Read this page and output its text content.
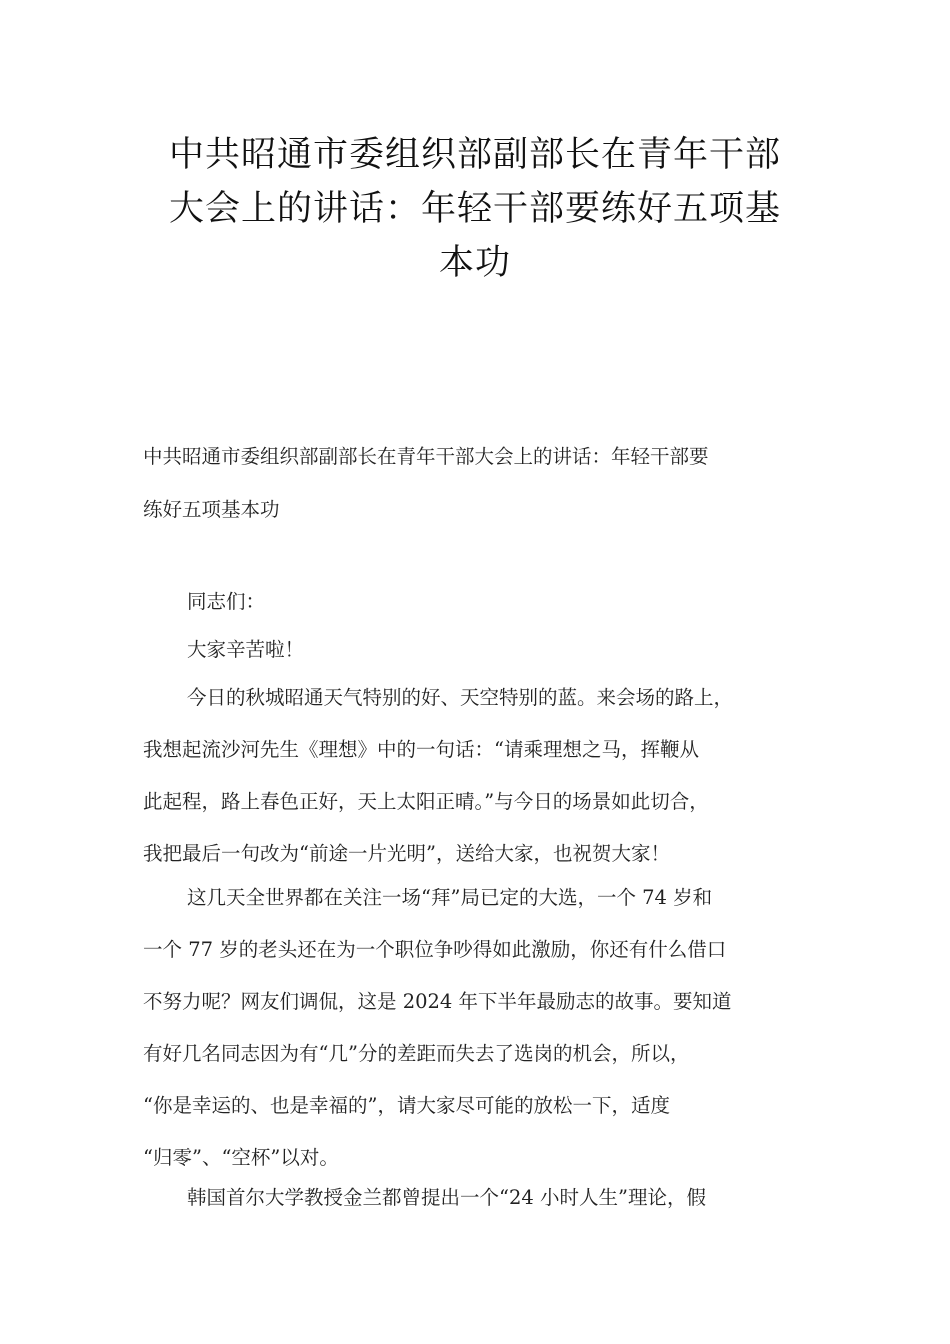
中共昭通市委组织部副部长在青年干部
大会上的讲话：年轻干部要练好五项基
本功
中共昭通市委组织部副部长在青年干部大会上的讲话：年轻干部要
练好五项基本功
同志们：
大家辛苦啦！
今日的秋城昭通天气特别的好、天空特别的蓝。来会场的路上，
我想起流沙河先生《理想》中的一句话：“请乘理想之马，挥鞭从
此起程，路上春色正好，天上太阳正晴。”与今日的场景如此切合，
我把最后一句改为“前途一片光明”，送给大家，也祝贺大家！
这几天全世界都在关注一场“拜”局已定的大选，一个 74 岁和
一个 77 岁的老头还在为一个职位争吵得如此激励，你还有什么借口
不努力呢？网友们调侃，这是 2024 年下半年最励志的故事。要知道
有好几名同志因为有“几”分的差距而失去了选岗的机会，所以，
“你是幸运的、也是幸福的”，请大家尽可能的放松一下，适度
“归零”、“空杯”以对。
韩国首尔大学教授金兰都曾提出一个“24 小时人生”理论，假
